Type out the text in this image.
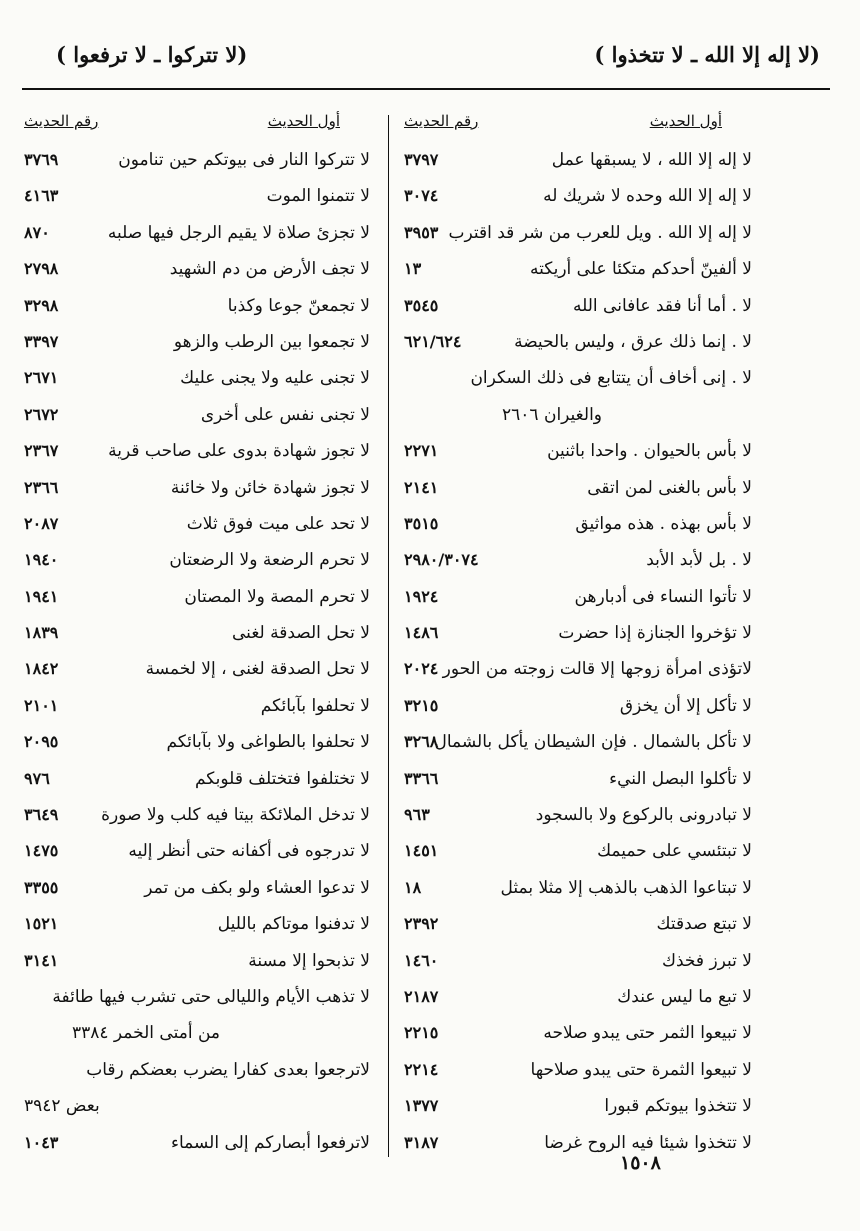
(لا إله إلا الله ـ لا تتخذوا )
(لا تتركوا ـ لا ترفعوا )
أول الحديث
رقم الحديث
لا إله إلا الله ، لا يسبقها عمل
٣٧٩٧
لا إله إلا الله وحده لا شريك له
٣٠٧٤
لا إله إلا الله . ويل للعرب من شر قد اقترب
٣٩٥٣
لا ألفينّ أحدكم متكئا على أريكته
١٣
لا . أما أنا فقد عافانى الله
٣٥٤٥
لا . إنما ذلك عرق ، وليس بالحيضة
٦٢١/٦٢٤
لا . إنى أخاف أن يتتابع فى ذلك السكران
والغيران ٢٦٠٦
لا بأس بالحيوان . واحدا باثنين
٢٢٧١
لا بأس بالغنى لمن اتقى
٢١٤١
لا بأس بهذه . هذه مواثيق
٣٥١٥
لا . بل لأبد الأبد
٢٩٨٠/٣٠٧٤
لا تأتوا النساء فى أدبارهن
١٩٢٤
لا تؤخروا الجنازة إذا حضرت
١٤٨٦
لاتؤذى امرأة زوجها إلا قالت زوجته من الحور
٢٠٢٤
لا تأكل إلا أن يخزق
٣٢١٥
لا تأكل بالشمال . فإن الشيطان يأكل بالشمال
٣٢٦٨
لا تأكلوا البصل النيء
٣٣٦٦
لا تبادرونى بالركوع ولا بالسجود
٩٦٣
لا تبتئسي على حميمك
١٤٥١
لا تبتاعوا الذهب بالذهب إلا مثلا بمثل
١٨
لا تبتع صدقتك
٢٣٩٢
لا تبرز فخذك
١٤٦٠
لا تبع ما ليس عندك
٢١٨٧
لا تبيعوا الثمر حتى يبدو صلاحه
٢٢١٥
لا تبيعوا الثمرة حتى يبدو صلاحها
٢٢١٤
لا تتخذوا بيوتكم قبورا
١٣٧٧
لا تتخذوا شيئا فيه الروح غرضا
٣١٨٧
أول الحديث
رقم الحديث
لا تتركوا النار فى بيوتكم حين تنامون
٣٧٦٩
لا تتمنوا الموت
٤١٦٣
لا تجزئ صلاة لا يقيم الرجل فيها صلبه
٨٧٠
لا تجف الأرض من دم الشهيد
٢٧٩٨
لا تجمعنّ جوعا وكذبا
٣٢٩٨
لا تجمعوا بين الرطب والزهو
٣٣٩٧
لا تجنى عليه ولا يجنى عليك
٢٦٧١
لا تجنى نفس على أخرى
٢٦٧٢
لا تجوز شهادة بدوى على صاحب قرية
٢٣٦٧
لا تجوز شهادة خائن ولا خائنة
٢٣٦٦
لا تحد على ميت فوق ثلاث
٢٠٨٧
لا تحرم الرضعة ولا الرضعتان
١٩٤٠
لا تحرم المصة ولا المصتان
١٩٤١
لا تحل الصدقة لغنى
١٨٣٩
لا تحل الصدقة لغنى ، إلا لخمسة
١٨٤٢
لا تحلفوا بآبائكم
٢١٠١
لا تحلفوا بالطواغى ولا بآبائكم
٢٠٩٥
لا تختلفوا فتختلف قلوبكم
٩٧٦
لا تدخل الملائكة بيتا فيه كلب ولا صورة
٣٦٤٩
لا تدرجوه فى أكفانه حتى أنظر إليه
١٤٧٥
لا تدعوا العشاء ولو بكف من تمر
٣٣٥٥
لا تدفنوا موتاكم بالليل
١٥٢١
لا تذبحوا إلا مسنة
٣١٤١
لا تذهب الأيام والليالى حتى تشرب فيها طائفة
من أمتى الخمر ٣٣٨٤
لاترجعوا بعدى كفارا يضرب بعضكم رقاب
بعض ٣٩٤٢
لاترفعوا أبصاركم إلى السماء
١٠٤٣
١٥٠٨
